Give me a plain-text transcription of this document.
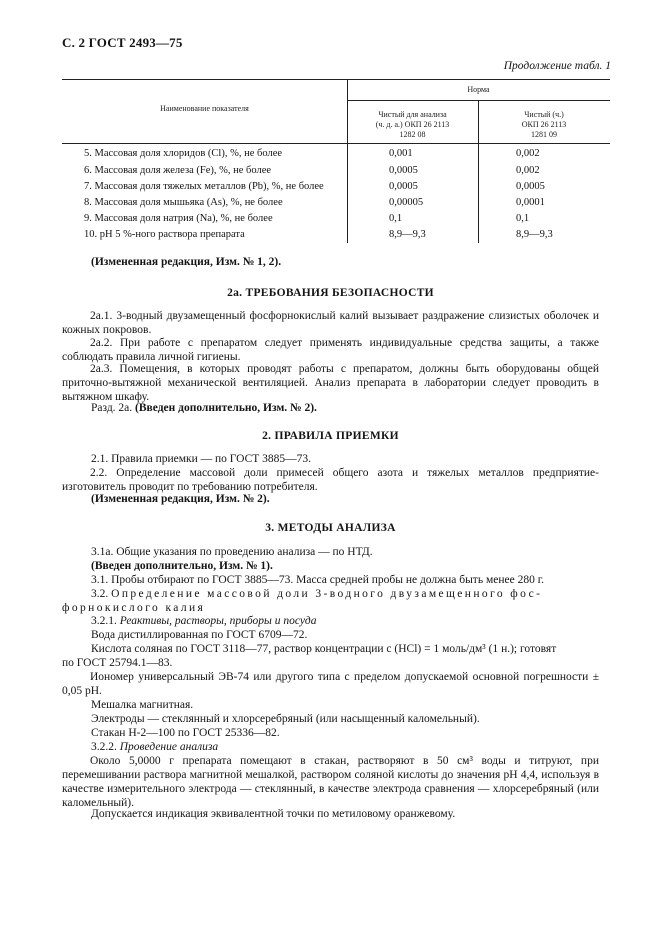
С. 2 ГОСТ 2493—75
Продолжение табл. 1
Наименование показателя
Норма
Чистый для анализа
(ч. д. а.) ОКП 26 2113
1282 08
Чистый (ч.)
ОКП 26 2113
1281 09
5. Массовая доля хлоридов (Cl), %, не более	0,001	0,002
6. Массовая доля железа (Fe), %, не более	0,0005	0,002
7. Массовая доля тяжелых металлов (Pb), %, не более	0,0005	0,0005
8. Массовая доля мышьяка (As), %, не более	0,00005	0,0001
9. Массовая доля натрия (Na), %, не более	0,1	0,1
10. pH 5 %-ного раствора препарата	8,9—9,3	8,9—9,3
(Измененная редакция, Изм. № 1, 2).
2а. ТРЕБОВАНИЯ БЕЗОПАСНОСТИ
2а.1. 3-водный двузамещенный фосфорнокислый калий вызывает раздражение слизистых оболочек и кожных покровов.
2а.2. При работе с препаратом следует применять индивидуальные средства защиты, а также соблюдать правила личной гигиены.
2а.3. Помещения, в которых проводят работы с препаратом, должны быть оборудованы общей приточно-вытяжной механической вентиляцией. Анализ препарата в лаборатории следует проводить в вытяжном шкафу.
Разд. 2а. (Введен дополнительно, Изм. № 2).
2. ПРАВИЛА ПРИЕМКИ
2.1. Правила приемки — по ГОСТ 3885—73.
2.2. Определение массовой доли примесей общего азота и тяжелых металлов предприятие-изготовитель проводит по требованию потребителя.
(Измененная редакция, Изм. № 2).
3. МЕТОДЫ АНАЛИЗА
3.1а. Общие указания по проведению анализа — по НТД.
(Введен дополнительно, Изм. № 1).
3.1. Пробы отбирают по ГОСТ 3885—73. Масса средней пробы не должна быть менее 280 г.
3.2. Определение массовой доли 3-водного двузамещенного фос-
форнокислого калия
3.2.1. Реактивы, растворы, приборы и посуда
Вода дистиллированная по ГОСТ 6709—72.
Кислота соляная по ГОСТ 3118—77, раствор концентрации с (HCl) = 1 моль/дм³ (1 н.); готовят
по ГОСТ 25794.1—83.
Иономер универсальный ЭВ-74 или другого типа с пределом допускаемой основной погрешности ± 0,05 pH.
Мешалка магнитная.
Электроды — стеклянный и хлорсеребряный (или насыщенный каломельный).
Стакан Н-2—100 по ГОСТ 25336—82.
3.2.2. Проведение анализа
Около 5,0000 г препарата помещают в стакан, растворяют в 50 см³ воды и титруют, при перемешивании раствора магнитной мешалкой, раствором соляной кислоты до значения pH 4,4, используя в качестве измерительного электрода — стеклянный, в качестве электрода сравнения — хлорсеребряный (или каломельный).
Допускается индикация эквивалентной точки по метиловому оранжевому.
